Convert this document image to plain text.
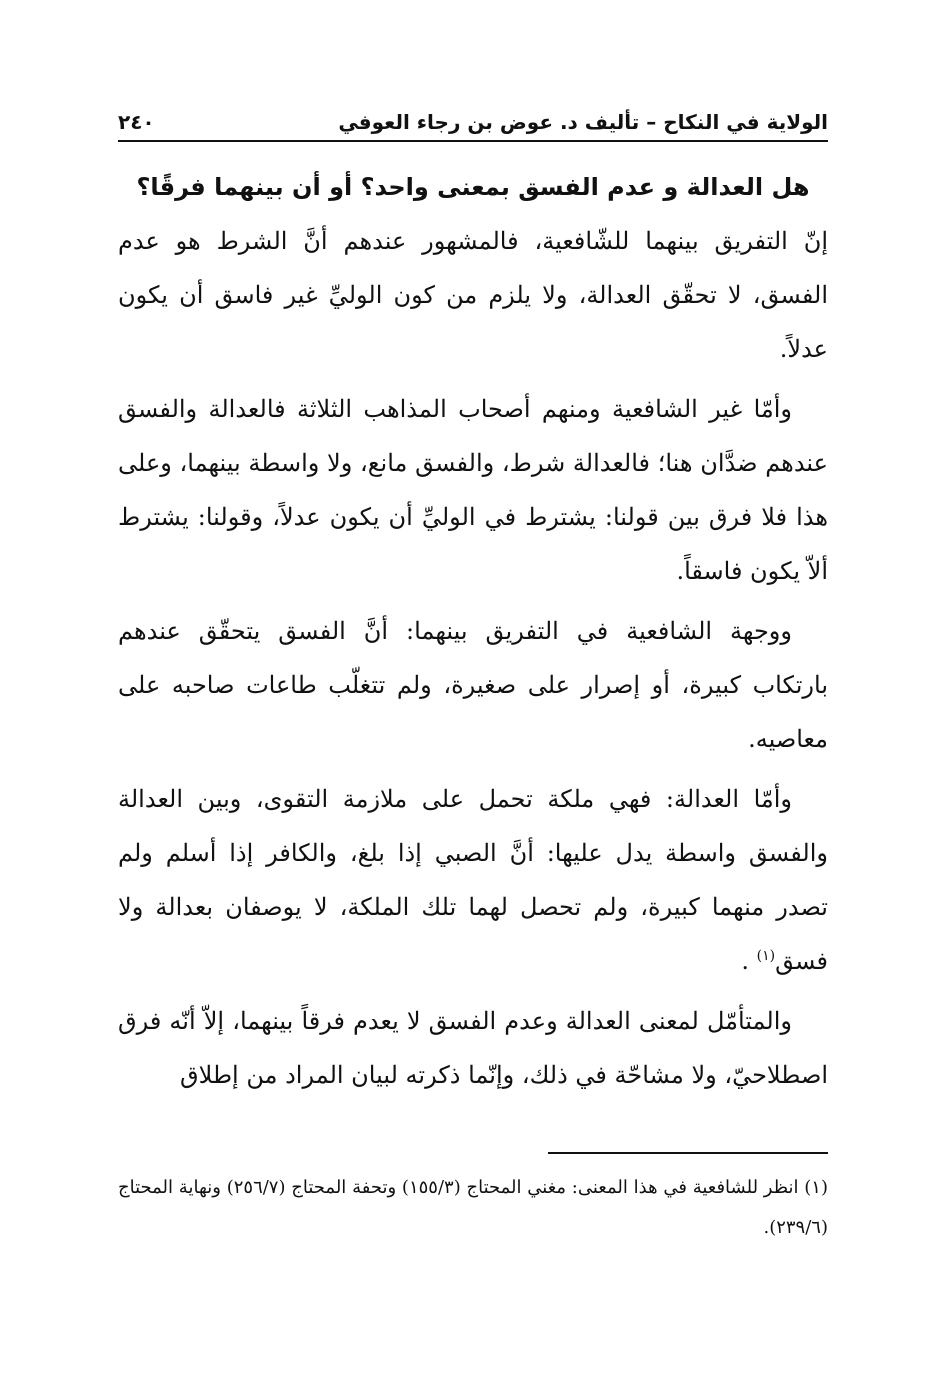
الولاية في النكاح – تأليف د. عوض بن رجاء العوفي
٢٤٠

هل العدالة و عدم الفسق بمعنى واحد؟ أو أن بينهما فرقًا؟

إنّ التفريق بينهما للشّافعية، فالمشهور عندهم أنَّ الشرط هو عدم الفسق، لا تحقّق العدالة، ولا يلزم من كون الوليِّ غير فاسق أن يكون عدلاً.

وأمّا غير الشافعية ومنهم أصحاب المذاهب الثلاثة فالعدالة والفسق عندهم ضدَّان هنا؛ فالعدالة شرط، والفسق مانع، ولا واسطة بينهما، وعلى هذا فلا فرق بين قولنا: يشترط في الوليِّ أن يكون عدلاً، وقولنا: يشترط ألاّ يكون فاسقاً.

ووجهة الشافعية في التفريق بينهما: أنَّ الفسق يتحقّق عندهم بارتكاب كبيرة، أو إصرار على صغيرة، ولم تتغلّب طاعات صاحبه على معاصيه.

وأمّا العدالة: فهي ملكة تحمل على ملازمة التقوى، وبين العدالة والفسق واسطة يدل عليها: أنَّ الصبي إذا بلغ، والكافر إذا أسلم ولم تصدر منهما كبيرة، ولم تحصل لهما تلك الملكة، لا يوصفان بعدالة ولا فسق$^{(١)}$ .

والمتأمّل لمعنى العدالة وعدم الفسق لا يعدم فرقاً بينهما، إلاّ أنّه فرق اصطلاحيّ، ولا مشاحّة في ذلك، وإنّما ذكرته لبيان المراد من إطلاق

(١) انظر للشافعية في هذا المعنى: مغني المحتاج (١٥٥/٣) وتحفة المحتاج (٢٥٦/٧) ونهاية المحتاج (٢٣٩/٦).
